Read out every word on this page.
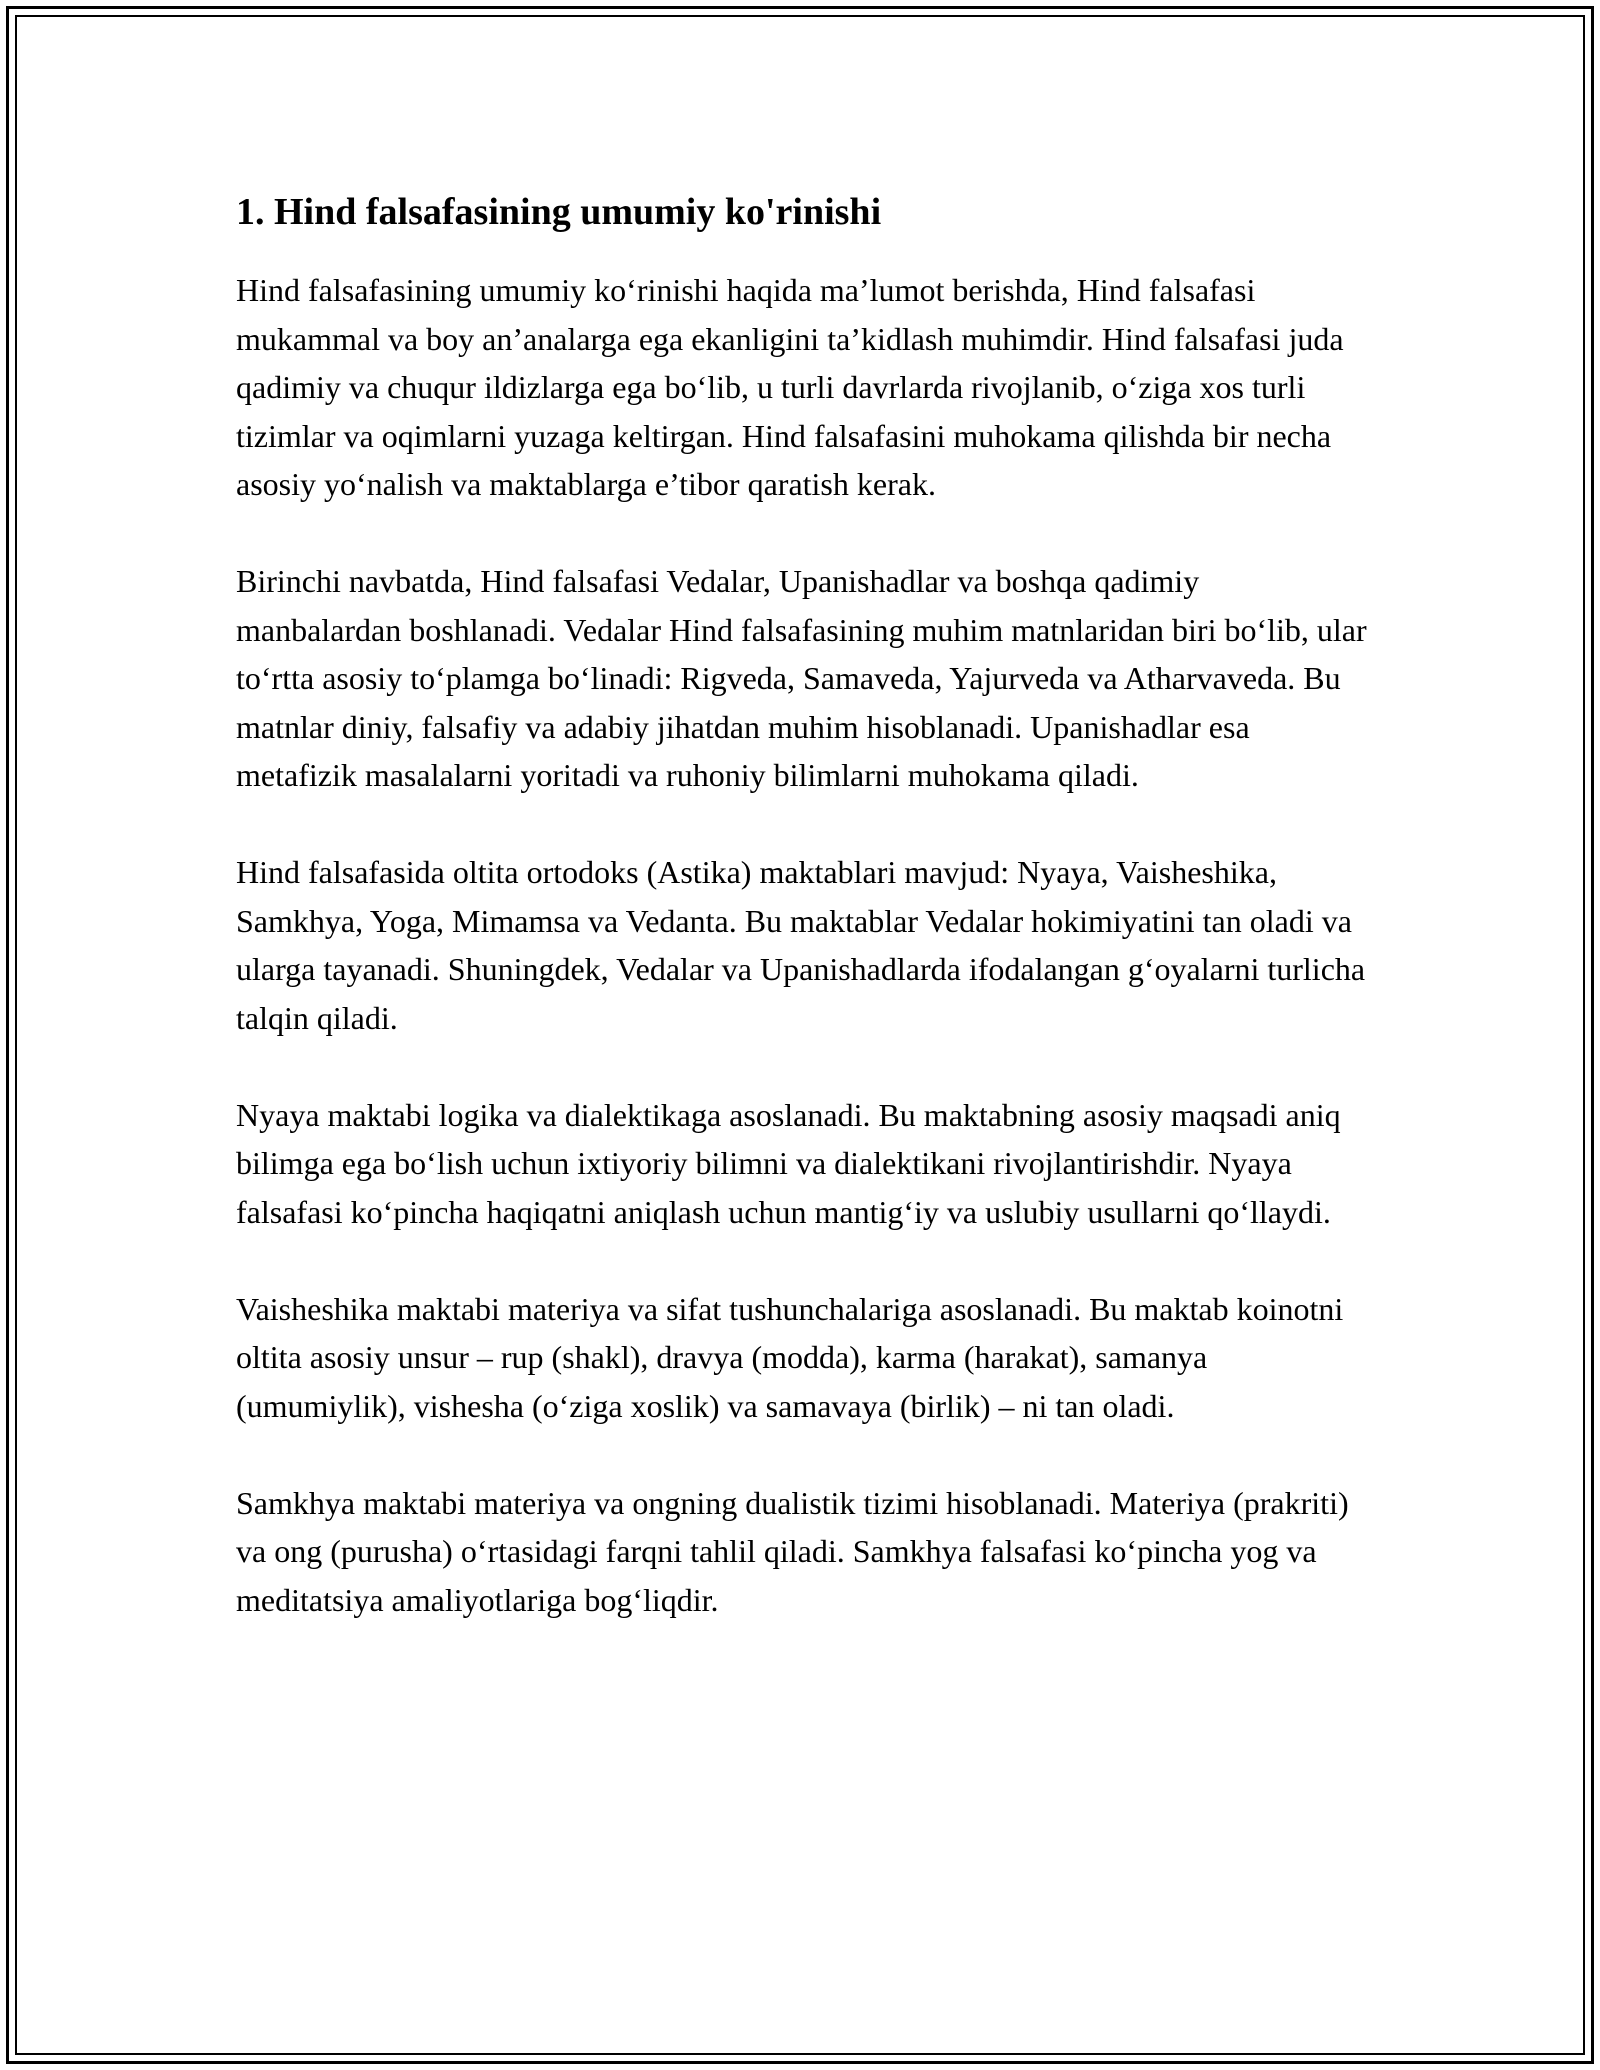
1. Hind falsafasining umumiy ko'rinishi

Hind falsafasining umumiy ko‘rinishi haqida ma’lumot berishda, Hind falsafasi mukammal va boy an’analarga ega ekanligini ta’kidlash muhimdir. Hind falsafasi juda qadimiy va chuqur ildizlarga ega bo‘lib, u turli davrlarda rivojlanib, o‘ziga xos turli tizimlar va oqimlarni yuzaga keltirgan. Hind falsafasini muhokama qilishda bir necha asosiy yo‘nalish va maktablarga e’tibor qaratish kerak.

Birinchi navbatda, Hind falsafasi Vedalar, Upanishadlar va boshqa qadimiy manbalardan boshlanadi. Vedalar Hind falsafasining muhim matnlaridan biri bo‘lib, ular to‘rtta asosiy to‘plamga bo‘linadi: Rigveda, Samaveda, Yajurveda va Atharvaveda. Bu matnlar diniy, falsafiy va adabiy jihatdan muhim hisoblanadi. Upanishadlar esa metafizik masalalarni yoritadi va ruhoniy bilimlarni muhokama qiladi.

Hind falsafasida oltita ortodoks (Astika) maktablari mavjud: Nyaya, Vaisheshika, Samkhya, Yoga, Mimamsa va Vedanta. Bu maktablar Vedalar hokimiyatini tan oladi va ularga tayanadi. Shuningdek, Vedalar va Upanishadlarda ifodalangan g‘oyalarni turlicha talqin qiladi.

Nyaya maktabi logika va dialektikaga asoslanadi. Bu maktabning asosiy maqsadi aniq bilimga ega bo‘lish uchun ixtiyoriy bilimni va dialektikani rivojlantirishdir. Nyaya falsafasi ko‘pincha haqiqatni aniqlash uchun mantig‘iy va uslubiy usullarni qo‘llaydi.

Vaisheshika maktabi materiya va sifat tushunchalariga asoslanadi. Bu maktab koinotni oltita asosiy unsur – rup (shakl), dravya (modda), karma (harakat), samanya (umumiylik), vishesha (o‘ziga xoslik) va samavaya (birlik) – ni tan oladi.

Samkhya maktabi materiya va ongning dualistik tizimi hisoblanadi. Materiya (prakriti) va ong (purusha) o‘rtasidagi farqni tahlil qiladi. Samkhya falsafasi ko‘pincha yog va meditatsiya amaliyotlariga bog‘liqdir.
